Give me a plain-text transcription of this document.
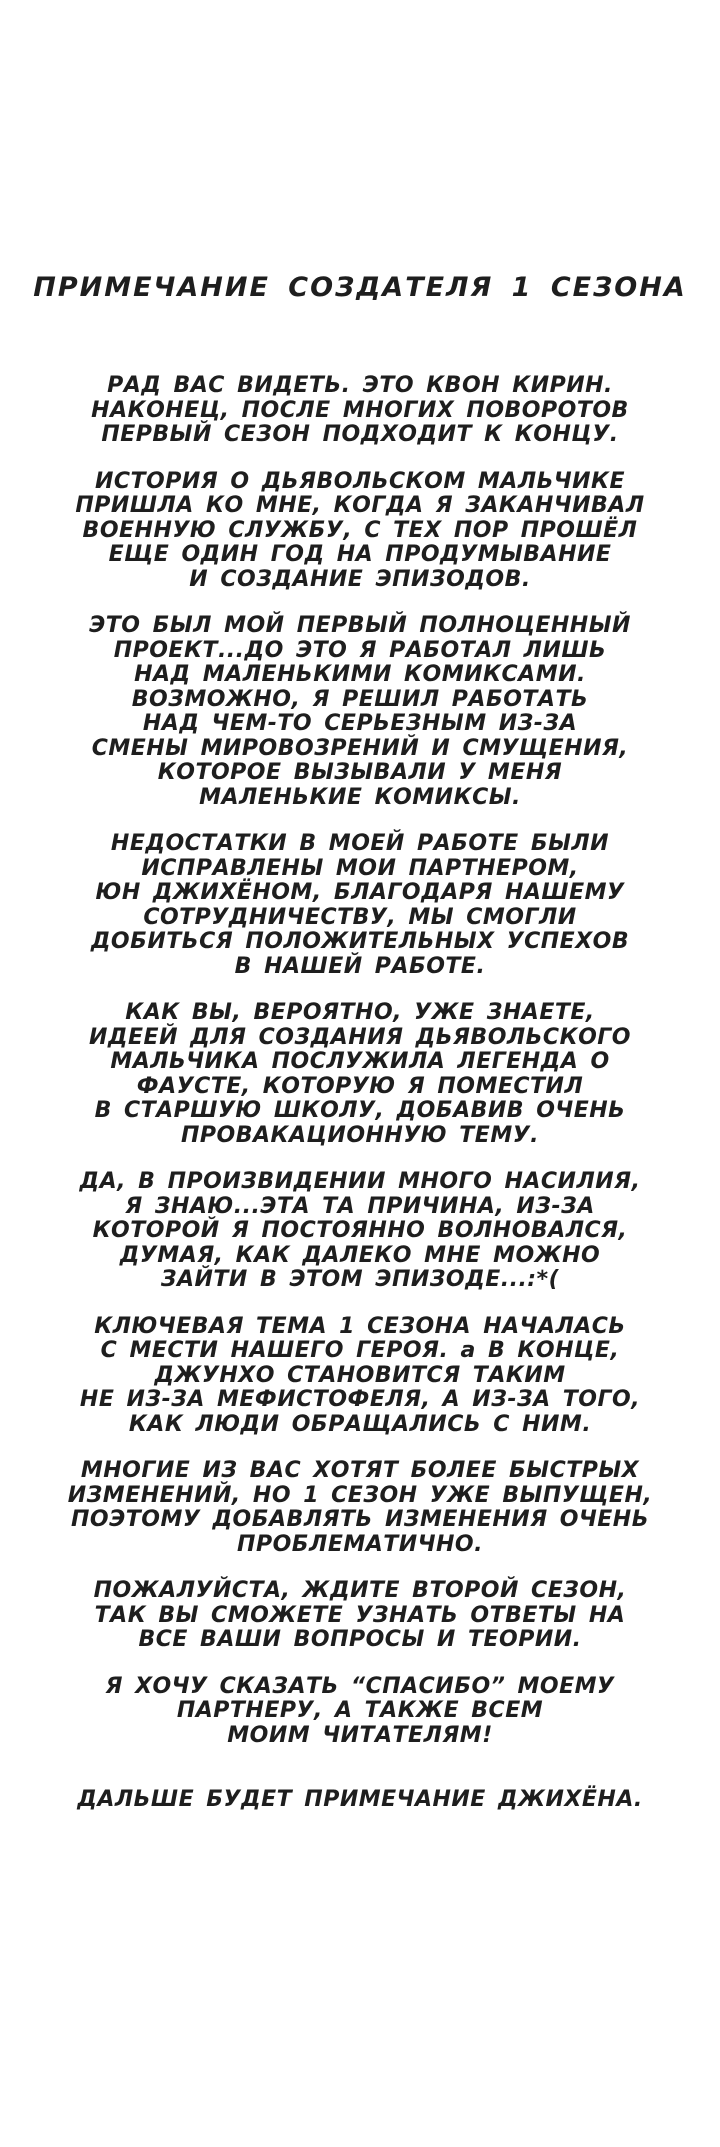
ПРИМЕЧАНИЕ СОЗДАТЕЛЯ 1 СЕЗОНА

РАД ВАС ВИДЕТЬ. ЭТО КВОН КИРИН.
НАКОНЕЦ, ПОСЛЕ МНОГИХ ПОВОРОТОВ
ПЕРВЫЙ СЕЗОН ПОДХОДИТ К КОНЦУ.

ИСТОРИЯ О ДЬЯВОЛЬСКОМ МАЛЬЧИКЕ
ПРИШЛА КО МНЕ, КОГДА Я ЗАКАНЧИВАЛ
ВОЕННУЮ СЛУЖБУ, С ТЕХ ПОР ПРОШЁЛ
ЕЩЕ ОДИН ГОД НА ПРОДУМЫВАНИЕ
И СОЗДАНИЕ ЭПИЗОДОВ.

ЭТО БЫЛ МОЙ ПЕРВЫЙ ПОЛНОЦЕННЫЙ
ПРОЕКТ...ДО ЭТО Я РАБОТАЛ ЛИШЬ
НАД МАЛЕНЬКИМИ КОМИКСАМИ.
ВОЗМОЖНО, Я РЕШИЛ РАБОТАТЬ
НАД ЧЕМ-ТО СЕРЬЕЗНЫМ ИЗ-ЗА
СМЕНЫ МИРОВОЗРЕНИЙ И СМУЩЕНИЯ,
КОТОРОЕ ВЫЗЫВАЛИ У МЕНЯ
МАЛЕНЬКИЕ КОМИКСЫ.

НЕДОСТАТКИ В МОЕЙ РАБОТЕ БЫЛИ
ИСПРАВЛЕНЫ МОИ ПАРТНЕРОМ,
ЮН ДЖИХЁНОМ, БЛАГОДАРЯ НАШЕМУ
СОТРУДНИЧЕСТВУ, МЫ СМОГЛИ
ДОБИТЬСЯ ПОЛОЖИТЕЛЬНЫХ УСПЕХОВ
В НАШЕЙ РАБОТЕ.

КАК ВЫ, ВЕРОЯТНО, УЖЕ ЗНАЕТЕ,
ИДЕЕЙ ДЛЯ СОЗДАНИЯ ДЬЯВОЛЬСКОГО
МАЛЬЧИКА ПОСЛУЖИЛА ЛЕГЕНДА О
ФАУСТЕ, КОТОРУЮ Я ПОМЕСТИЛ
В СТАРШУЮ ШКОЛУ, ДОБАВИВ ОЧЕНЬ
ПРОВАКАЦИОННУЮ ТЕМУ.

ДА, В ПРОИЗВИДЕНИИ МНОГО НАСИЛИЯ,
Я ЗНАЮ...ЭТА ТА ПРИЧИНА, ИЗ-ЗА
КОТОРОЙ Я ПОСТОЯННО ВОЛНОВАЛСЯ,
ДУМАЯ, КАК ДАЛЕКО МНЕ МОЖНО
ЗАЙТИ В ЭТОМ ЭПИЗОДЕ...:*(

КЛЮЧЕВАЯ ТЕМА 1 СЕЗОНА НАЧАЛАСЬ
С МЕСТИ НАШЕГО ГЕРОЯ. а В КОНЦЕ,
ДЖУНХО СТАНОВИТСЯ ТАКИМ
НЕ ИЗ-ЗА МЕФИСТОФЕЛЯ, А ИЗ-ЗА ТОГО,
КАК ЛЮДИ ОБРАЩАЛИСЬ С НИМ.

МНОГИЕ ИЗ ВАС ХОТЯТ БОЛЕЕ БЫСТРЫХ
ИЗМЕНЕНИЙ, НО 1 СЕЗОН УЖЕ ВЫПУЩЕН,
ПОЭТОМУ ДОБАВЛЯТЬ ИЗМЕНЕНИЯ ОЧЕНЬ
ПРОБЛЕМАТИЧНО.

ПОЖАЛУЙСТА, ЖДИТЕ ВТОРОЙ СЕЗОН,
ТАК ВЫ СМОЖЕТЕ УЗНАТЬ ОТВЕТЫ НА
ВСЕ ВАШИ ВОПРОСЫ И ТЕОРИИ.

Я ХОЧУ СКАЗАТЬ “СПАСИБО” МОЕМУ
ПАРТНЕРУ, А ТАКЖЕ ВСЕМ
МОИМ ЧИТАТЕЛЯМ!

ДАЛЬШЕ БУДЕТ ПРИМЕЧАНИЕ ДЖИХЁНА.
